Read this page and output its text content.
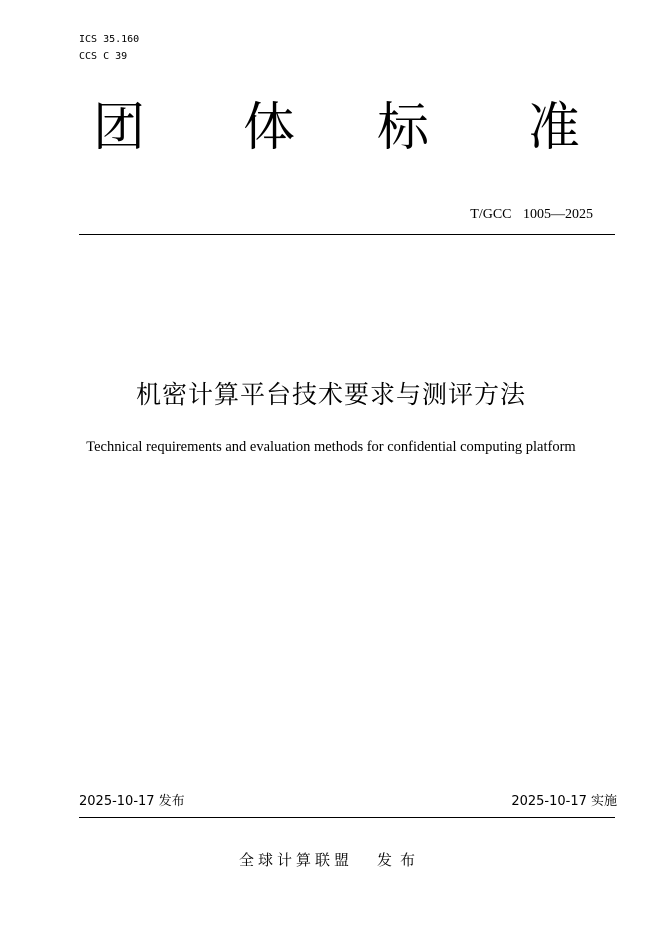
ICS 35.160
CCS C 39
团 体 标 准
T/GCC 1005—2025
机密计算平台技术要求与测评方法
Technical requirements and evaluation methods for confidential computing platform
2025-10-17 发布	2025-10-17 实施
全球计算联盟 发布
